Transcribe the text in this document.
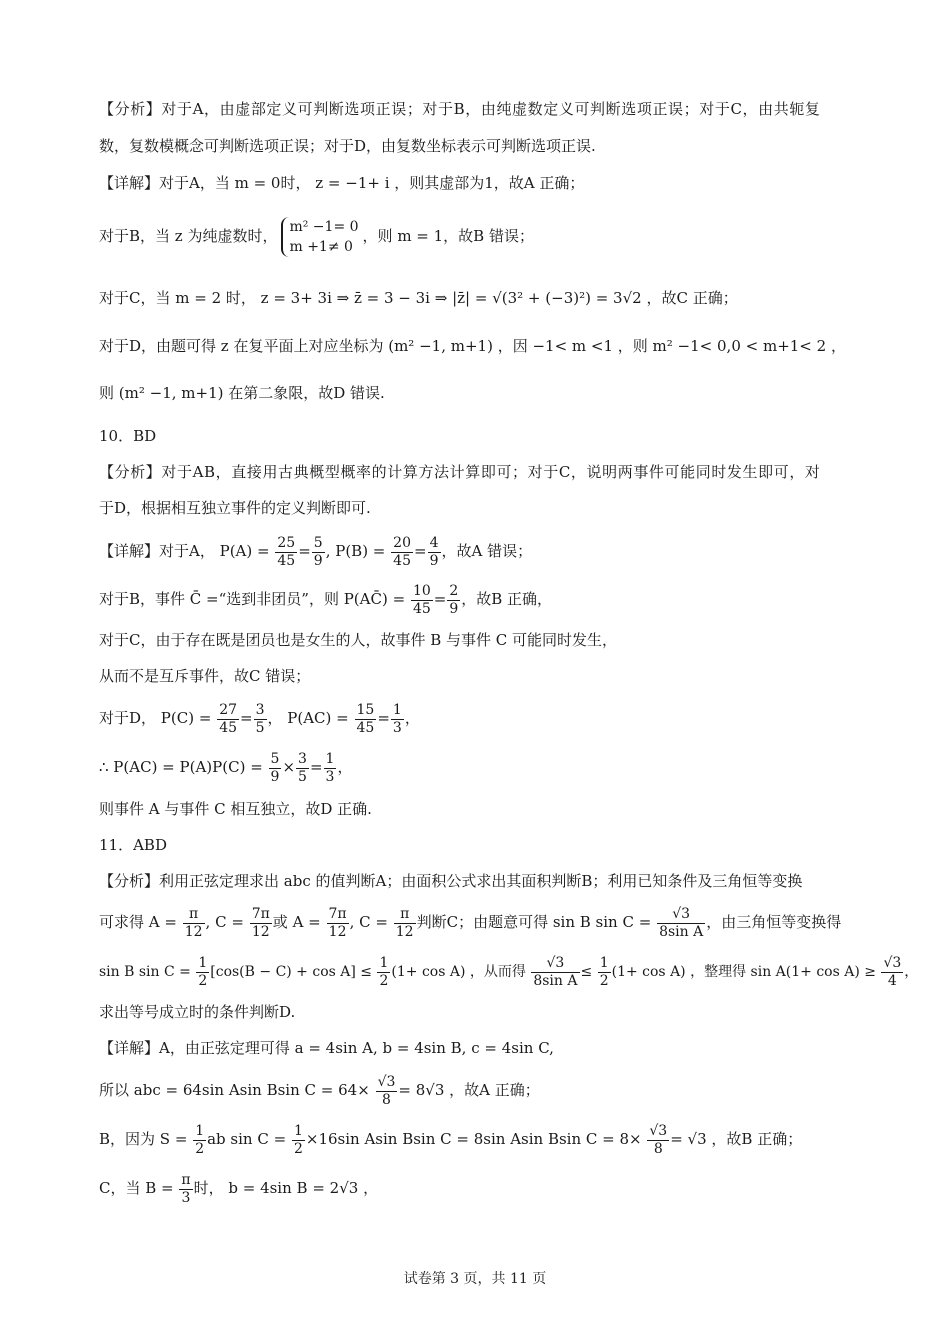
【分析】对于A，由虚部定义可判断选项正误；对于B，由纯虚数定义可判断选项正误；对于C，由共轭复
数，复数模概念可判断选项正误；对于D，由复数坐标表示可判断选项正误.
【详解】对于A，当 m = 0时， z = −1+ i ，则其虚部为1，故A 正确；
对于B，当 z 为纯虚数时， m² −1= 0
m +1≠ 0
，则 m = 1，故B 错误；
对于C，当 m = 2 时， z = 3+ 3i ⇒ z̄ = 3 − 3i ⇒ |z̄| = √(3² + (−3)²) = 3√2 ，故C 正确；
对于D，由题可得 z 在复平面上对应坐标为 (m² −1, m+1) ，因 −1< m <1 ，则 m² −1< 0,0 < m+1< 2 ，
则 (m² −1, m+1) 在第二象限，故D 错误.
10．BD
【分析】对于AB，直接用古典概型概率的计算方法计算即可；对于C，说明两事件可能同时发生即可，对
于D，根据相互独立事件的定义判断即可.
【详解】对于A， $P(A) = \frac{25}{45} = \frac{5}{9}$ , $P(B) = \frac{20}{45} = \frac{4}{9}$ ，故A 错误；
对于B，事件 C̄ =“选到非团员”，则 P(AC̄) = $\frac{10}{45} = \frac{2}{9}$ ，故B 正确，
对于C，由于存在既是团员也是女生的人，故事件 B 与事件 C 可能同时发生，
从而不是互斥事件，故C 错误；
对于D， $P(C) = \frac{27}{45} = \frac{3}{5}$ ， $P(AC) = \frac{15}{45} = \frac{1}{3}$ ，
∴ $P(AC) = P(A)P(C) = \frac{5}{9} \times \frac{3}{5} = \frac{1}{3}$ ，
则事件 A 与事件 C 相互独立，故D 正确.
11．ABD
【分析】利用正弦定理求出 abc 的值判断A；由面积公式求出其面积判断B；利用已知条件及三角恒等变换
可求得 $A = \frac{\pi}{12}$ , $C = \frac{7\pi}{12}$ 或 $A = \frac{7\pi}{12}$ , $C = \frac{\pi}{12}$ 判断C；由题意可得 sin B $\sin C = \frac{√3}{\text{8sin A}}$ ，由三角恒等变换得
sin B $\sin C = \frac{1}{2} [\cos(B - C) + \cos A] \le \frac{1}{2} (1+ \cos A)$ ，从而得 $\frac{√3}{\text{8sin A}} \le \frac{1}{2} (1+ \cos A)$ ，整理得 $\sin A(1+ \cos A) \ge \frac{√3}{4}$ ，
求出等号成立时的条件判断D.
【详解】A，由正弦定理可得 a = 4sin A, b = 4sin B, c = 4sin C,
所以 abc = 64sin Asin Bsin $C = 64\times \frac{√3}{8} = 8√3$ ，故A 正确；
B，因为 $S = \frac{1}{2}$ ab $\sin C = \frac{1}{2} \times 16\sin$ Asin Bsin C = 8sin Asin Bsin $C = 8\times \frac{√3}{8} = √3$ ，故B 正确；
C，当 $B = \frac{\pi}{3}$ 时， b = 4sin B = 2√3 ，
试卷第 3 页，共 11 页
